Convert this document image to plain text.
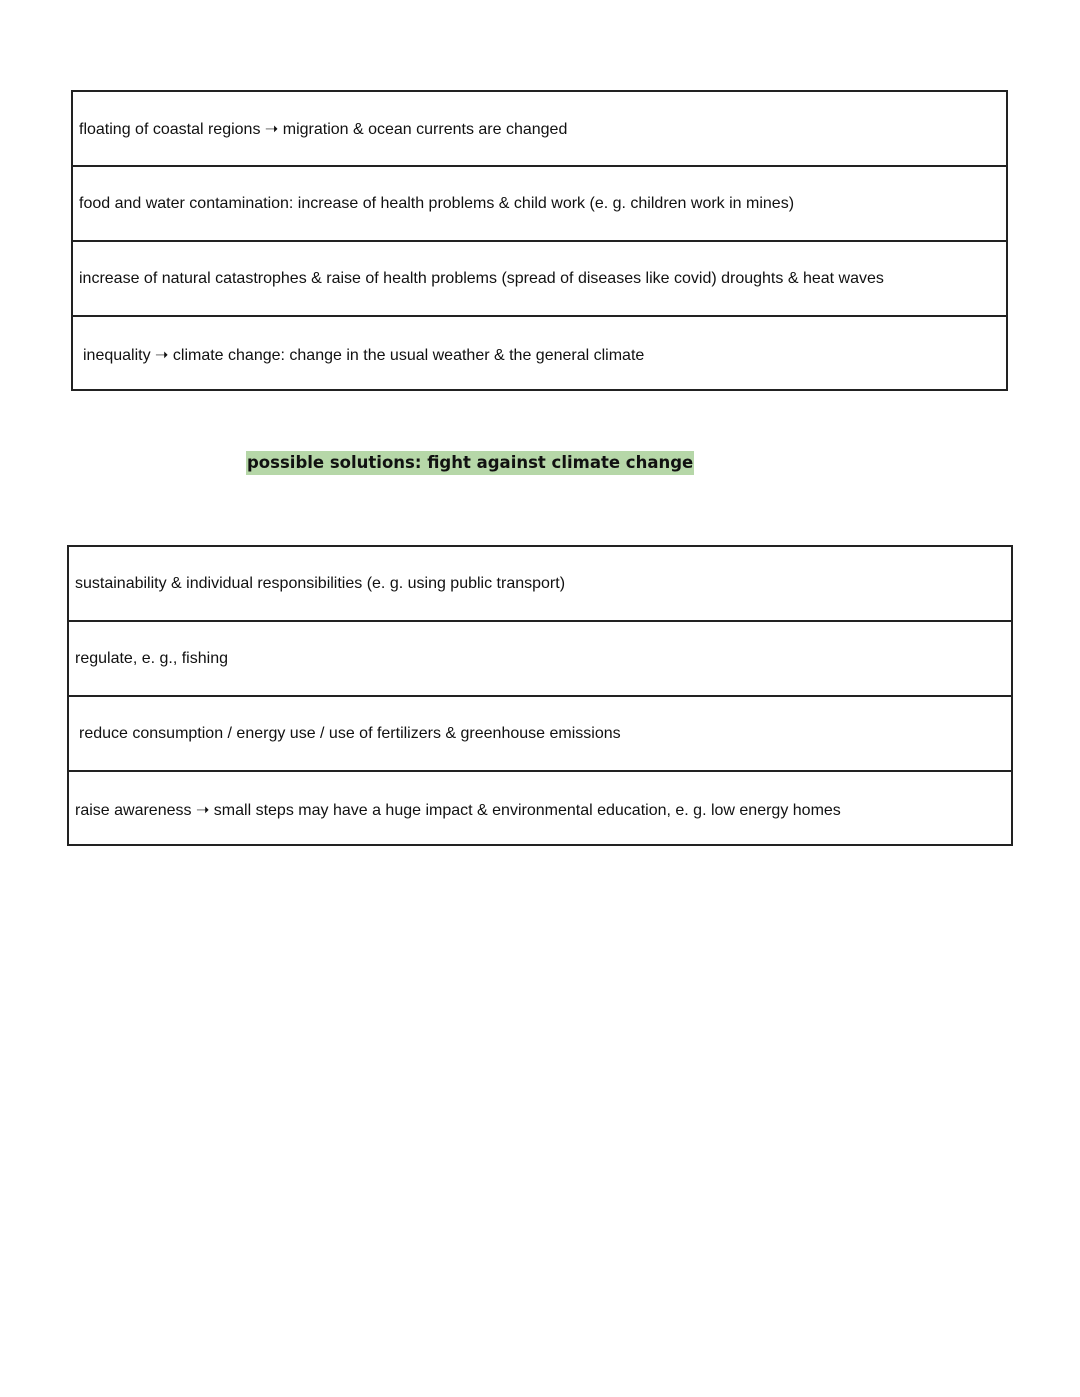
floating of coastal regions ➝ migration & ocean currents are changed
food and water contamination: increase of health problems & child work (e. g. children work in mines)
increase of natural catastrophes & raise of health problems (spread of diseases like covid) droughts & heat waves
inequality ➝ climate change: change in the usual weather & the general climate
possible solutions: fight against climate change
sustainability & individual responsibilities (e. g. using public transport)
regulate, e. g., fishing
reduce consumption / energy use / use of fertilizers & greenhouse emissions
raise awareness ➝ small steps may have a huge impact & environmental education, e. g. low energy homes
